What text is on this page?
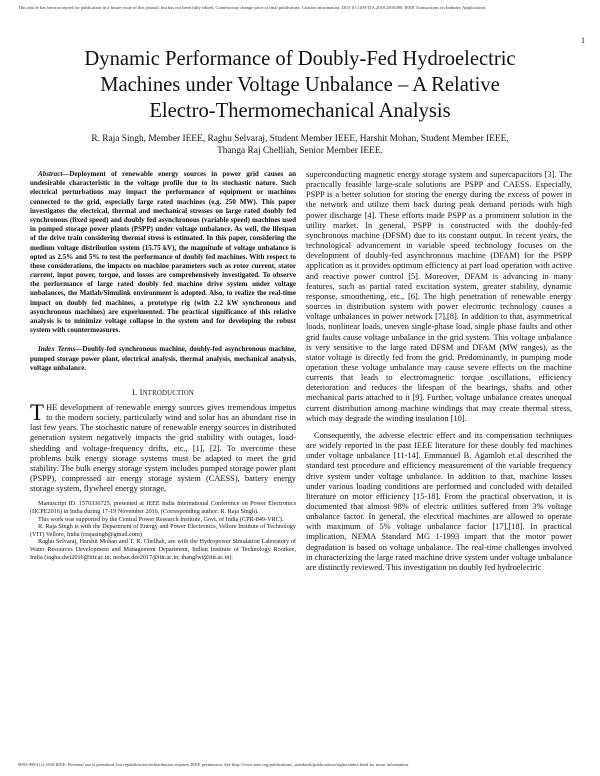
This article has been accepted for publication in a future issue of this journal, but has not been fully edited. Content may change prior to final publication. Citation information: DOI 10.1109/TIA.2018.2816390, IEEE Transactions on Industry Applications
1
Dynamic Performance of Doubly-Fed Hydroelectric
Machines under Voltage Unbalance – A Relative
Electro-Thermomechanical Analysis
R. Raja Singh, Member IEEE, Raghu Selvaraj, Student Member IEEE, Harshit Mohan, Student Member IEEE,
Thanga Raj Chelliah, Senior Member IEEE.

Abstract—Deployment of renewable energy sources in power grid causes an undesirable characteristic in the voltage profile due to its stochastic nature. Such electrical perturbations may impact the performance of equipment or machines connected to the grid, especially large rated machines (e.g. 250 MW). This paper investigates the electrical, thermal and mechanical stresses on large rated doubly fed synchronous (fixed speed) and doubly fed asynchronous (variable speed) machines used in pumped storage power plants (PSPP) under voltage unbalance. As well, the lifespan of the drive train considering thermal stress is estimated. In this paper, considering the medium voltage distribution system (15.75 kV), the magnitude of voltage unbalance is opted as 2.5% and 5% to test the performance of doubly fed machines. With respect to these considerations, the impacts on machine parameters such as rotor current, stator current, input power, torque, and losses are comprehensively investigated. To observe the performance of large rated doubly fed machine drive system under voltage unbalances, the Matlab/Simulink environment is adopted. Also, to realize the real-time impact on doubly fed machines, a prototype rig (with 2.2 kW synchronous and asynchronous machines) are experimented. The practical significance of this relative analysis is to minimize voltage collapse in the system and for developing the robust system with countermeasures.

Index Terms—Doubly-fed synchronous machine, doubly-fed asynchronous machine, pumped storage power plant, electrical analysis, thermal analysis, mechanical analysis, voltage unbalance.

I. INTRODUCTION

THE development of renewable energy sources gives tremendous impetus to the modern society, particularly wind and solar has an abundant rise in last few years. The stochastic nature of renewable energy sources in distributed generation system negatively impacts the grid stability with outages, load-shedding and voltage-frequency drifts, etc., [1], [2]. To overcome these problems bulk energy storage systems must be adapted to meet the grid stability. The bulk energy storage system includes pumped storage power plant (PSPP), compressed air energy storage system (CAESS), battery energy storage system, flywheel energy storage,

Manuscript ID. 1570336725, presented at IEEE India International Conference on Power Electronics (IICPE2016) in India during 17-19 November 2016. (Corresponding author: R. Raja Singh).

This work was supported by the Central Power Research Institute, Govt. of India (CPR-849-VRC).

R. Raja Singh is with the Department of Energy and Power Electronics, Vellore Institute of Technology (VIT) Vellore, India (rrajasingh@gmail.com)

Raghu Selvaraj, Harshit Mohan and T. R. Chelliah, are with the Hydropower Simulation Laboratory of Water Resources Development and Management Department, Indian Institute of Technology Roorkee, India (raghu.dwt2016@iitr.ac.in; mohan.dee2017@iitr.ac.in; thangfwt@iitr.ac.in).

superconducting magnetic energy storage system and supercapacitors [3]. The practically feasible large-scale solutions are PSPP and CAESS. Especially, PSPP is a better solution for storing the energy during the excess of power in the network and utilize them back during peak demand periods with high power discharge [4]. These efforts made PSPP as a prominent solution in the utility market. In general, PSPP is constructed with the doubly-fed synchronous machine (DFSM) due to its constant output. In recent years, the technological advancement in variable speed technology focuses on the development of doubly-fed asynchronous machine (DFAM) for the PSPP application as it provides optimum efficiency at part load operation with active and reactive power control [5]. Moreover, DFAM is advancing in many features, such as partial rated excitation system, greater stability, dynamic response, smoothening, etc., [6]. The high penetration of renewable energy sources in distribution system with power electronic technology causes a voltage unbalances in power network [7],[8]. In addition to that, asymmetrical loads, nonlinear loads, uneven single-phase load, single phase faults and other grid faults cause voltage unbalance in the grid system. This voltage unbalance is very sensitive to the large rated DFSM and DFAM (MW ranges), as the stator voltage is directly fed from the grid. Predominantly, in pumping mode operation these voltage unbalance may cause severe effects on the machine currents that leads to electromagnetic torque oscillations, efficiency deterioration and reduces the lifespan of the bearings, shafts and other mechanical parts attached to it [9]. Further, voltage unbalance creates unequal current distribution among machine windings that may create thermal stress, which may degrade the winding insulation [10].

Consequently, the adverse electric effect and its compensation techniques are widely reported in the past IEEE literature for these doubly fed machines under voltage unbalance [11-14]. Emmanuel B. Agamloh et.al described the standard test procedure and efficiency measurement of the variable frequency drive system under voltage unbalance. In addition to that, machine losses under various loading conditions are performed and concluded with detailed literature on motor efficiency [15-18]. From the practical observation, it is documented that almost 98% of electric utilities suffered from 3% voltage unbalance factor. In general, the electrical machines are allowed to operate with maximum of 5% voltage unbalance factor [17],[18]. In practical implication, NEMA Standard MG 1-1993 impart that the motor power degradation is based on voltage unbalance. The real-time challenges involved in characterizing the large rated machine drive system under voltage unbalance are distinctly reviewed. This investigation on doubly fed hydroelectric

0093-9994 (c) 2018 IEEE. Personal use is permitted, but republication/redistribution requires IEEE permission. See http://www.ieee.org/publications_standards/publications/rights/index.html for more information.
